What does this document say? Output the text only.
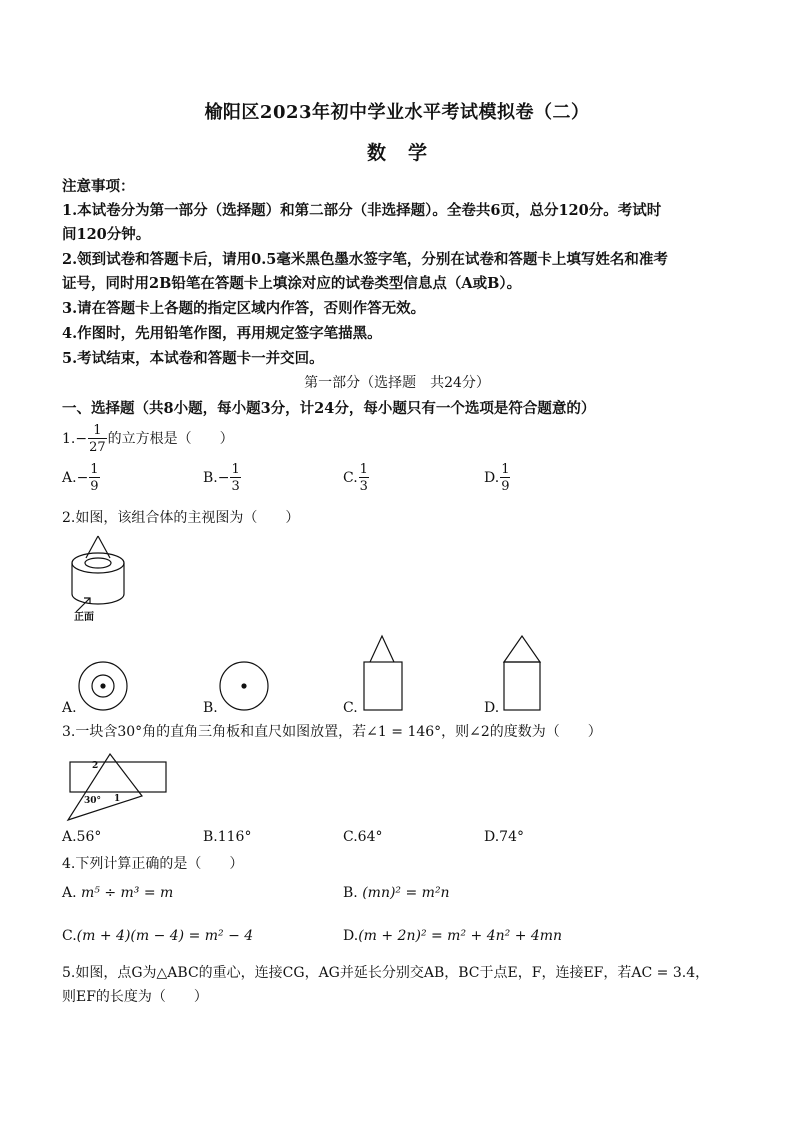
榆阳区2023年初中学业水平考试模拟卷（二）
数学
注意事项：
1.本试卷分为第一部分（选择题）和第二部分（非选择题）。全卷共6页，总分120分。考试时
间120分钟。
2.领到试卷和答题卡后，请用0.5毫米黑色墨水签字笔，分别在试卷和答题卡上填写姓名和准考
证号，同时用2B铅笔在答题卡上填涂对应的试卷类型信息点（A或B）。
3.请在答题卡上各题的指定区域内作答，否则作答无效。
4.作图时，先用铅笔作图，再用规定签字笔描黑。
5.考试结束，本试卷和答题卡一并交回。
第一部分（选择题　共24分）
一、选择题（共8小题，每小题3分，计24分，每小题只有一个选项是符合题意的）
$1.- \frac{1}{27}$ 的立方根是（　　）
$A.- \frac{1}{9}$	$B.- \frac{1}{3}$	C. $\frac{1}{3}$	D. $\frac{1}{9}$
2.如图，该组合体的主视图为（　　）
正面
A.	B.	C.	D.
3.一块含30°角的直角三角板和直尺如图放置，若∠1 = 146°，则∠2的度数为（　　）
2
30° 1
A.56°	B.116°	C.64°	D.74°
4.下列计算正确的是（　　）
A. m⁵ ÷ m³ = m	B. (mn)² = m²n
C.(m + 4)(m − 4) = m² − 4	D.(m + 2n)² = m² + 4n² + 4mn
5.如图，点G为△ABC的重心，连接CG，AG并延长分别交AB，BC于点E，F，连接EF，若AC = 3.4，
则EF的长度为（　　）
